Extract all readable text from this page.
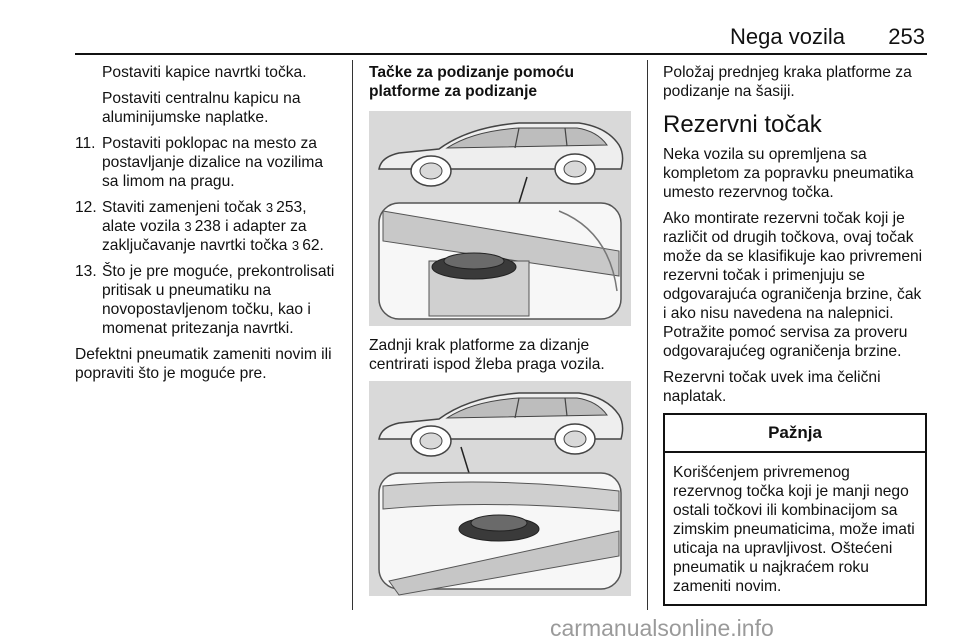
Nega vozila 253
Postaviti kapice navrtki točka.
Postaviti centralnu kapicu na aluminijumske naplatke.
11. Postaviti poklopac na mesto za postavljanje dizalice na vozilima sa limom na pragu.
12. Staviti zamenjeni točak 3  253, alate vozila 3  238 i adapter za zaključavanje navrtki točka 3  62.
13. Što je pre moguće, prekontrolisati pritisak u pneumatiku na novopostavljenom točku, kao i momenat pritezanja navrtki.
Defektni pneumatik zameniti novim ili popraviti što je moguće pre.
Tačke za podizanje pomoću platforme za podizanje
Zadnji krak platforme za dizanje centrirati ispod žleba praga vozila.
Položaj prednjeg kraka platforme za podizanje na šasiji.
Rezervni točak
Neka vozila su opremljena sa kompletom za popravku pneumatika umesto rezervnog točka.
Ako montirate rezervni točak koji je različit od drugih točkova, ovaj točak može da se klasifikuje kao privremeni rezervni točak i primenjuju se odgovarajuća ograničenja brzine, čak i ako nisu navedena na nalepnici. Potražite pomoć servisa za proveru odgovarajućeg ograničenja brzine.
Rezervni točak uvek ima čelični naplatak.
Pažnja
Korišćenjem privremenog rezervnog točka koji je manji nego ostali točkovi ili kombinacijom sa zimskim pneumaticima, može imati uticaja na upravljivost. Oštećeni pneumatik u najkraćem roku zameniti novim.
carmanualsonline.info
